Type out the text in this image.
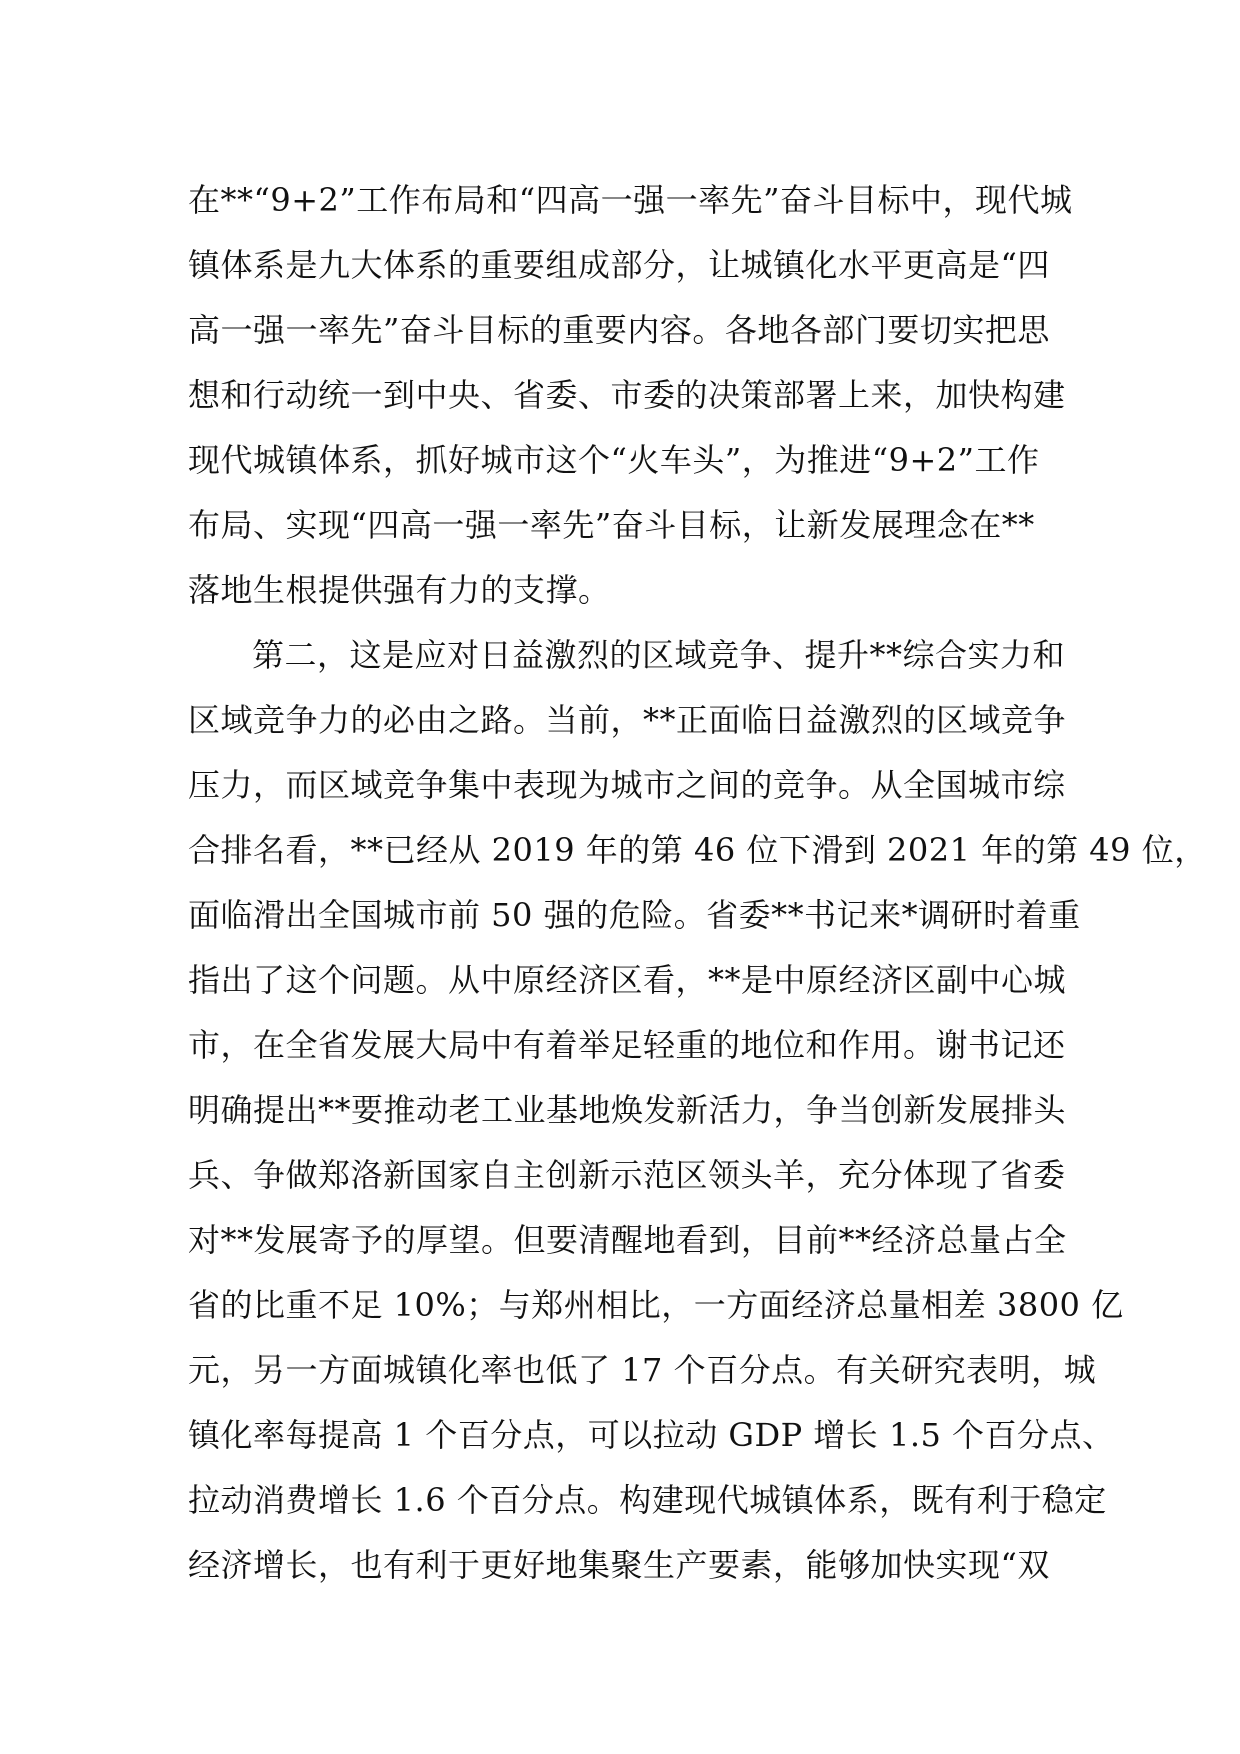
在**“9+2”工作布局和“四高一强一率先”奋斗目标中，现代城
镇体系是九大体系的重要组成部分，让城镇化水平更高是“四
高一强一率先”奋斗目标的重要内容。各地各部门要切实把思
想和行动统一到中央、省委、市委的决策部署上来，加快构建
现代城镇体系，抓好城市这个“火车头”，为推进“9+2”工作
布局、实现“四高一强一率先”奋斗目标，让新发展理念在**
落地生根提供强有力的支撑。
第二，这是应对日益激烈的区域竞争、提升**综合实力和
区域竞争力的必由之路。当前，**正面临日益激烈的区域竞争
压力，而区域竞争集中表现为城市之间的竞争。从全国城市综
合排名看，**已经从 2019 年的第 46 位下滑到 2021 年的第 49 位，
面临滑出全国城市前 50 强的危险。省委**书记来*调研时着重
指出了这个问题。从中原经济区看，**是中原经济区副中心城
市，在全省发展大局中有着举足轻重的地位和作用。谢书记还
明确提出**要推动老工业基地焕发新活力，争当创新发展排头
兵、争做郑洛新国家自主创新示范区领头羊，充分体现了省委
对**发展寄予的厚望。但要清醒地看到，目前**经济总量占全
省的比重不足 10%；与郑州相比，一方面经济总量相差 3800 亿
元，另一方面城镇化率也低了 17 个百分点。有关研究表明，城
镇化率每提高 1 个百分点，可以拉动 GDP 增长 1.5 个百分点、
拉动消费增长 1.6 个百分点。构建现代城镇体系，既有利于稳定
经济增长，也有利于更好地集聚生产要素，能够加快实现“双
